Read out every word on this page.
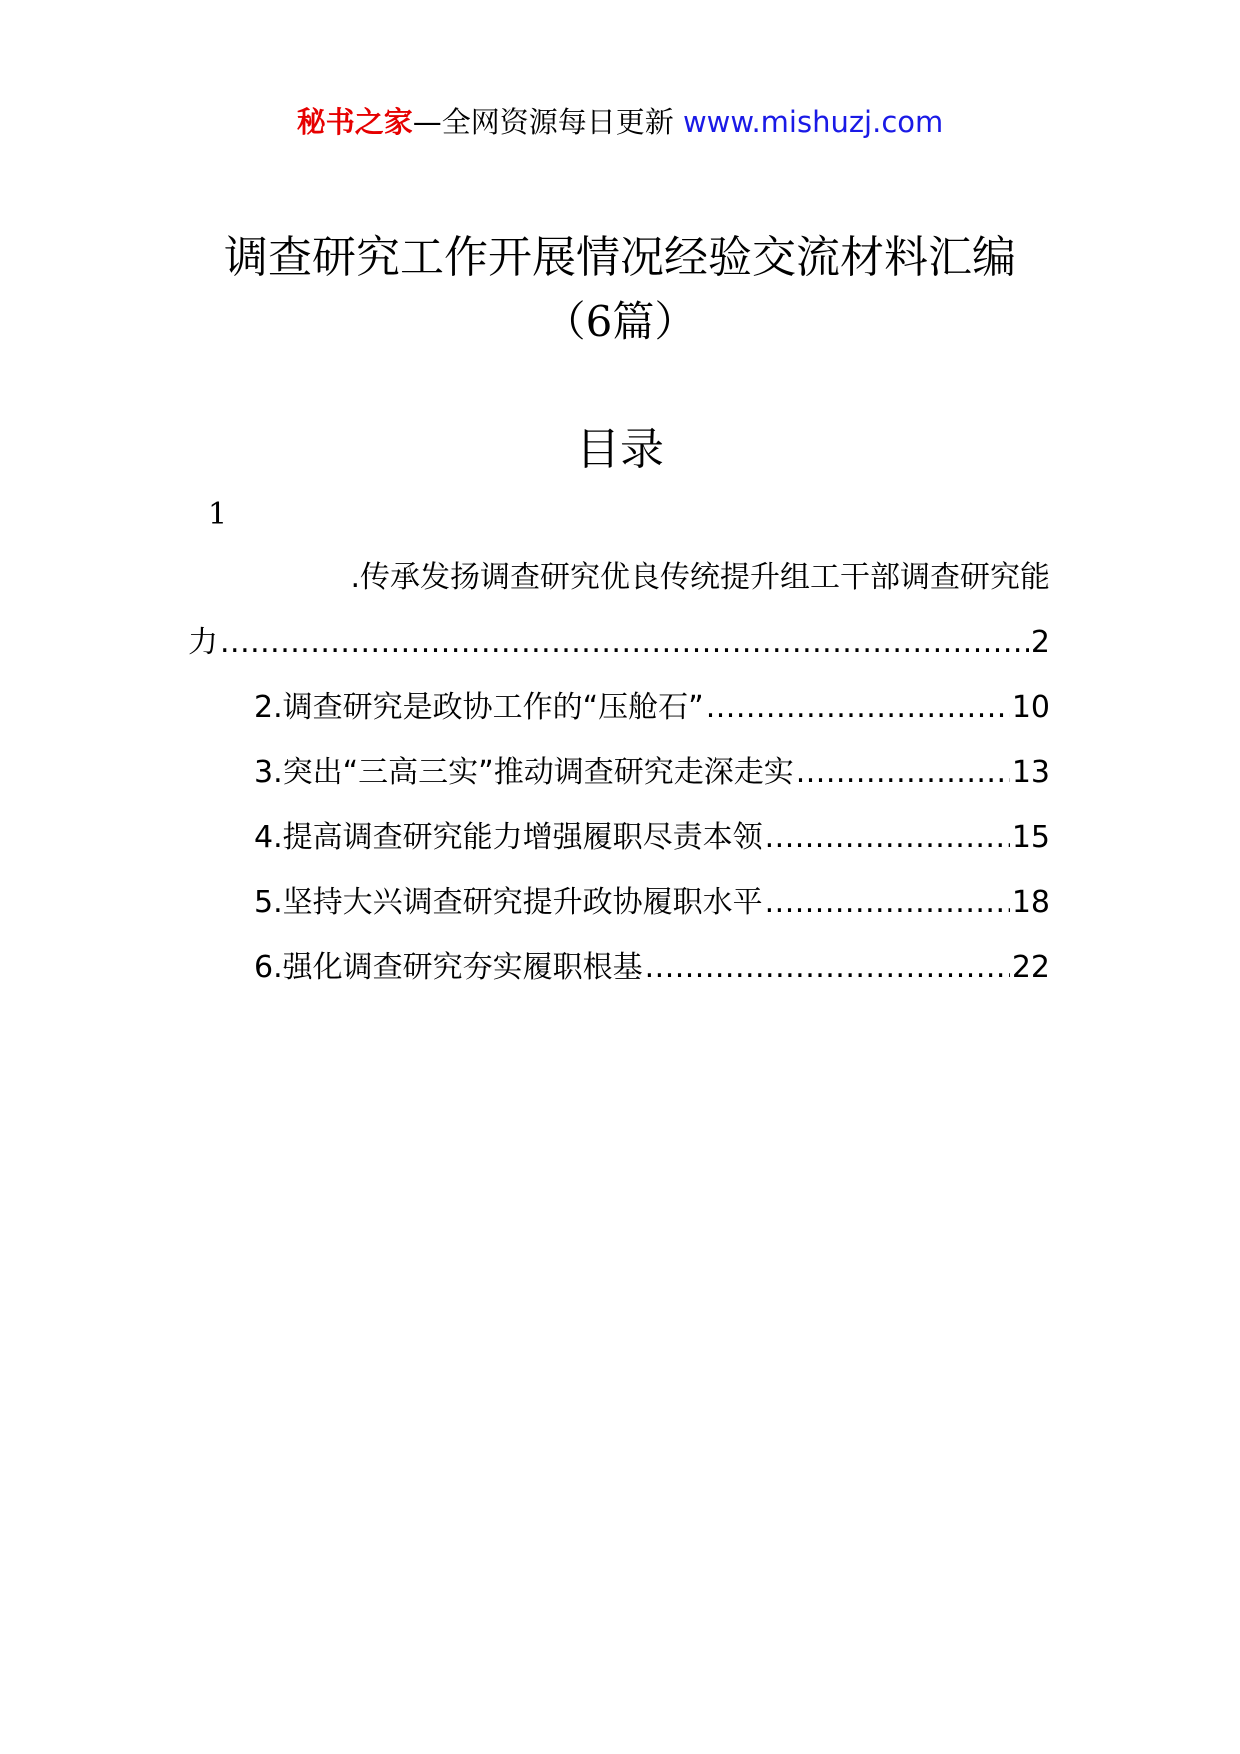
秘书之家—全网资源每日更新 www.mishuzj.com
调查研究工作开展情况经验交流材料汇编
（6篇）
目录
1
.传承发扬调查研究优良传统提升组工干部调查研究能
力 .....	2
2.调查研究是政协工作的“压舱石” .....	10
3.突出“三高三实”推动调查研究走深走实 .....	13
4.提高调查研究能力增强履职尽责本领 .....	15
5.坚持大兴调查研究提升政协履职水平 .....	18
6.强化调查研究夯实履职根基 .....	22
